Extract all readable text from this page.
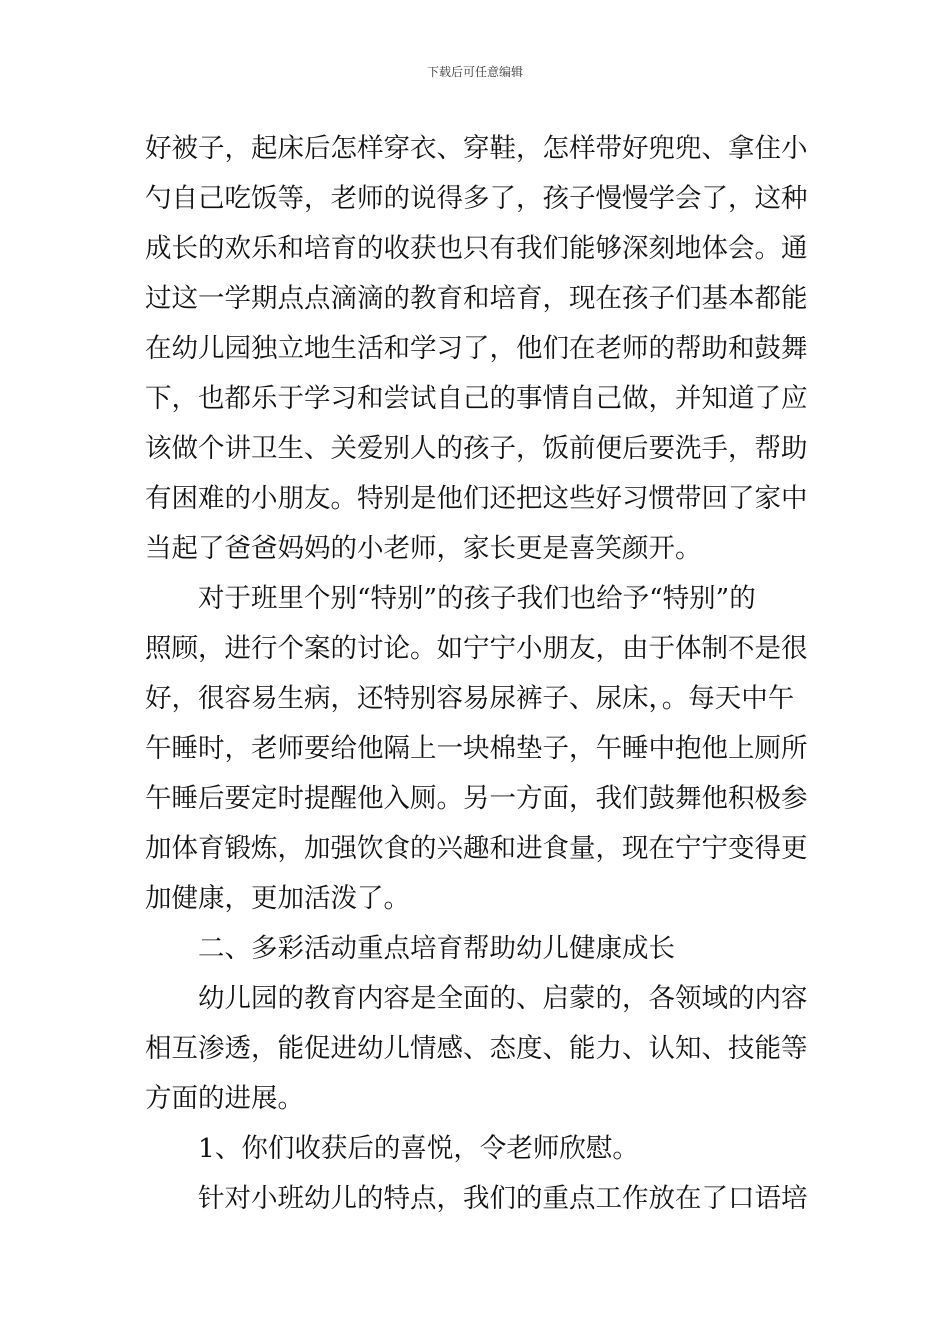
下载后可任意编辑
好被子，起床后怎样穿衣、穿鞋，怎样带好兜兜、拿住小
勺自己吃饭等，老师的说得多了，孩子慢慢学会了，这种
成长的欢乐和培育的收获也只有我们能够深刻地体会。通
过这一学期点点滴滴的教育和培育，现在孩子们基本都能
在幼儿园独立地生活和学习了，他们在老师的帮助和鼓舞
下，也都乐于学习和尝试自己的事情自己做，并知道了应
该做个讲卫生、关爱别人的孩子，饭前便后要洗手，帮助
有困难的小朋友。特别是他们还把这些好习惯带回了家中
当起了爸爸妈妈的小老师，家长更是喜笑颜开。
对于班里个别“特别”的孩子我们也给予“特别”的
照顾，进行个案的讨论。如宁宁小朋友，由于体制不是很
好，很容易生病，还特别容易尿裤子、尿床，。每天中午
午睡时，老师要给他隔上一块棉垫子，午睡中抱他上厕所
午睡后要定时提醒他入厕。另一方面，我们鼓舞他积极参
加体育锻炼，加强饮食的兴趣和进食量，现在宁宁变得更
加健康，更加活泼了。
二、多彩活动重点培育帮助幼儿健康成长
幼儿园的教育内容是全面的、启蒙的，各领域的内容
相互渗透，能促进幼儿情感、态度、能力、认知、技能等
方面的进展。
1、你们收获后的喜悦，令老师欣慰。
针对小班幼儿的特点，我们的重点工作放在了口语培
